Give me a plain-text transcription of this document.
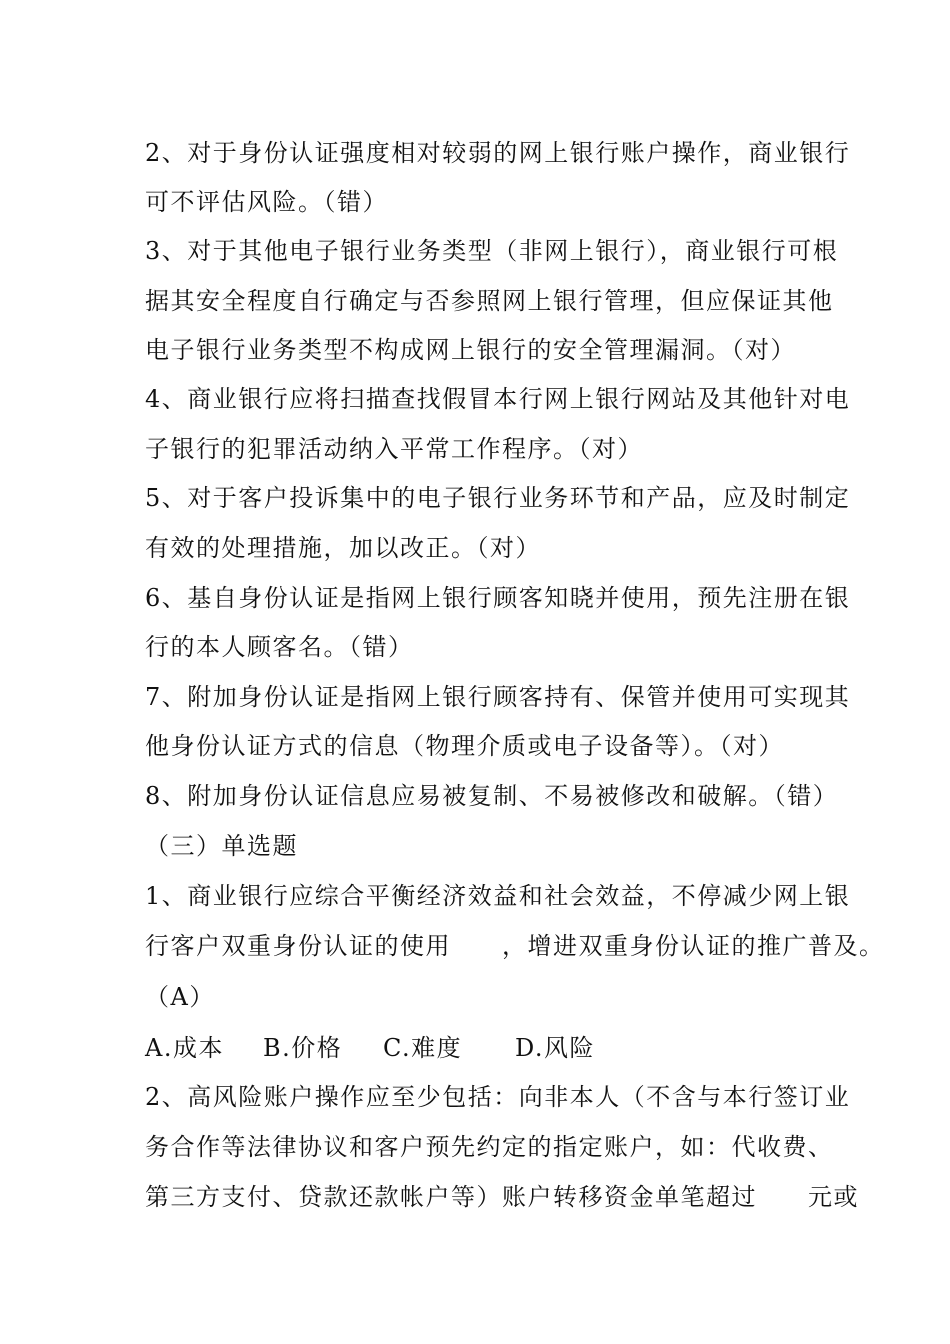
2、对于身份认证强度相对较弱的网上银行账户操作，商业银行
可不评估风险。（错）
3、对于其他电子银行业务类型（非网上银行），商业银行可根
据其安全程度自行确定与否参照网上银行管理，但应保证其他
电子银行业务类型不构成网上银行的安全管理漏洞。（对）
4、商业银行应将扫描查找假冒本行网上银行网站及其他针对电
子银行的犯罪活动纳入平常工作程序。（对）
5、对于客户投诉集中的电子银行业务环节和产品，应及时制定
有效的处理措施，加以改正。（对）
6、基自身份认证是指网上银行顾客知晓并使用，预先注册在银
行的本人顾客名。（错）
7、附加身份认证是指网上银行顾客持有、保管并使用可实现其
他身份认证方式的信息（物理介质或电子设备等）。（对）
8、附加身份认证信息应易被复制、不易被修改和破解。（错）
（三）单选题
1、商业银行应综合平衡经济效益和社会效益，不停减少网上银
行客户双重身份认证的使用　　，增进双重身份认证的推广普及。
（A）
A.成本 B.价格 C.难度 D.风险
2、高风险账户操作应至少包括：向非本人（不含与本行签订业
务合作等法律协议和客户预先约定的指定账户，如：代收费、
第三方支付、贷款还款帐户等）账户转移资金单笔超过　　元或
